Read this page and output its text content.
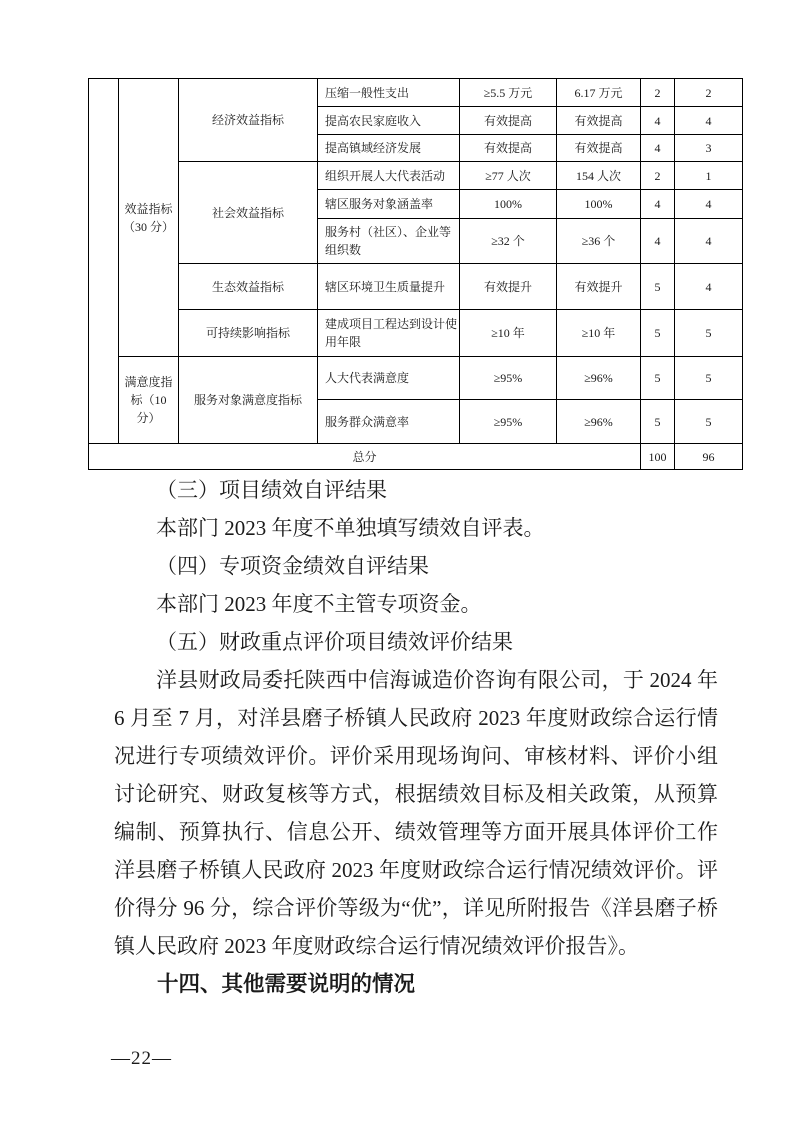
	效益指标（30 分）	经济效益指标	压缩一般性支出	≥5.5 万元	6.17 万元	2	2
			提高农民家庭收入	有效提高	有效提高	4	4
			提高镇域经济发展	有效提高	有效提高	4	3
		社会效益指标	组织开展人大代表活动	≥77 人次	154 人次	2	1
			辖区服务对象涵盖率	100%	100%	4	4
			服务村（社区）、企业等组织数	≥32 个	≥36 个	4	4
		生态效益指标	辖区环境卫生质量提升	有效提升	有效提升	5	4
		可持续影响指标	建成项目工程达到设计使用年限	≥10 年	≥10 年	5	5
	满意度指标（10 分）	服务对象满意度指标	人大代表满意度	≥95%	≥96%	5	5
			服务群众满意率	≥95%	≥96%	5	5
总分						100	96

（三）项目绩效自评结果

本部门 2023 年度不单独填写绩效自评表。

（四）专项资金绩效自评结果

本部门 2023 年度不主管专项资金。

（五）财政重点评价项目绩效评价结果

洋县财政局委托陕西中信海诚造价咨询有限公司，于 2024 年 6 月至 7 月，对洋县磨子桥镇人民政府 2023 年度财政综合运行情况进行专项绩效评价。评价采用现场询问、审核材料、评价小组讨论研究、财政复核等方式，根据绩效目标及相关政策，从预算编制、预算执行、信息公开、绩效管理等方面开展具体评价工作洋县磨子桥镇人民政府 2023 年度财政综合运行情况绩效评价。评价得分 96 分，综合评价等级为“优”，详见所附报告《洋县磨子桥镇人民政府 2023 年度财政综合运行情况绩效评价报告》。

十四、其他需要说明的情况

—22—
